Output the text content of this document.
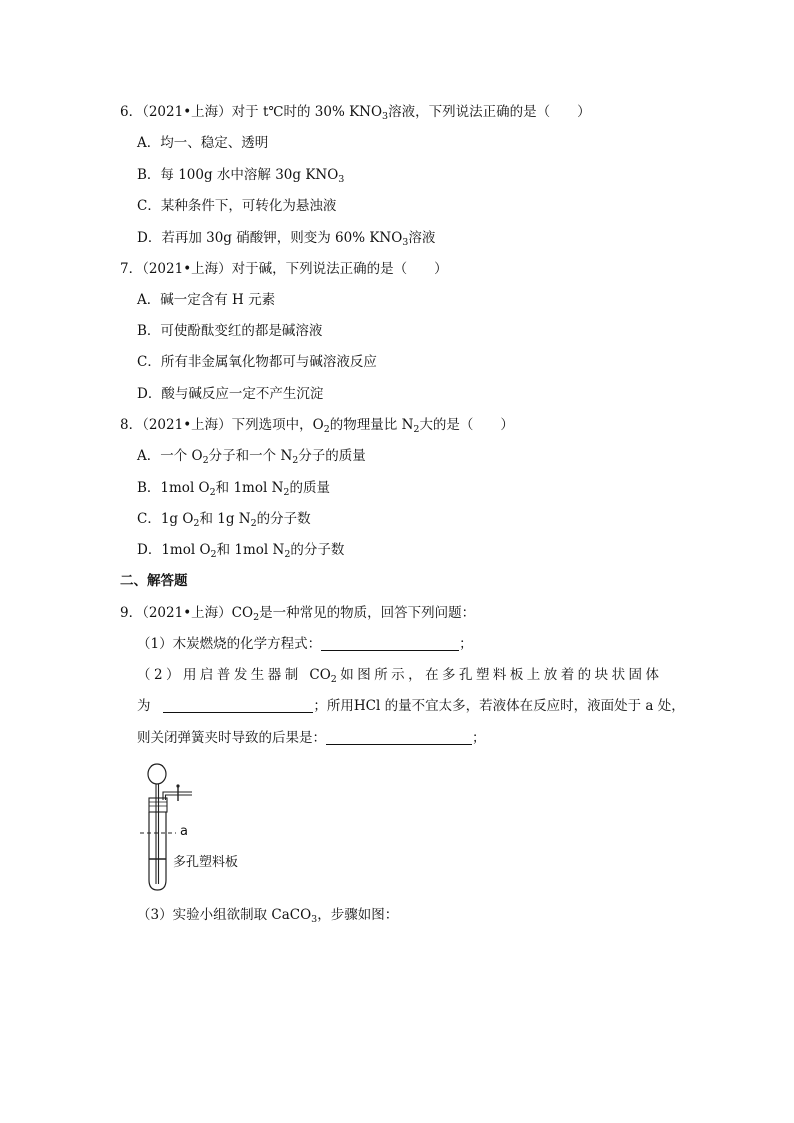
6．（2021•上海）对于 t℃时的 30% $KNO_3$溶液，下列说法正确的是（　　）
A．均一、稳定、透明
B．每 100g 水中溶解 30g $KNO_3$
C．某种条件下，可转化为悬浊液
D．若再加 30g 硝酸钾，则变为 60% $KNO_3$溶液
7．（2021•上海）对于碱，下列说法正确的是（　　）
A．碱一定含有 H 元素
B．可使酚酞变红的都是碱溶液
C．所有非金属氧化物都可与碱溶液反应
D．酸与碱反应一定不产生沉淀
8．（2021•上海）下列选项中，$O_2$的物理量比 $N_2$大的是（　　）
A．一个 $O_2$分子和一个 $N_2$分子的质量
B．1mol $O_2$和 1mol $N_2$的质量
C．1g $O_2$和 1g $N_2$的分子数
D．1mol $O_2$和 1mol $N_2$的分子数
二、解答题
9．（2021•上海）$CO_2$是一种常见的物质，回答下列问题：
（1）木炭燃烧的化学方程式：	；
（2）用启普发生器制 $CO_2$如图所示，在多孔塑料板上放着的块状固体
为	；所用HCl 的量不宜太多，若液体在反应时，液面处于 a 处，
则关闭弹簧夹时导致的后果是：	；
a
多孔塑料板
（3）实验小组欲制取 CaCO$_3$，步骤如图：
